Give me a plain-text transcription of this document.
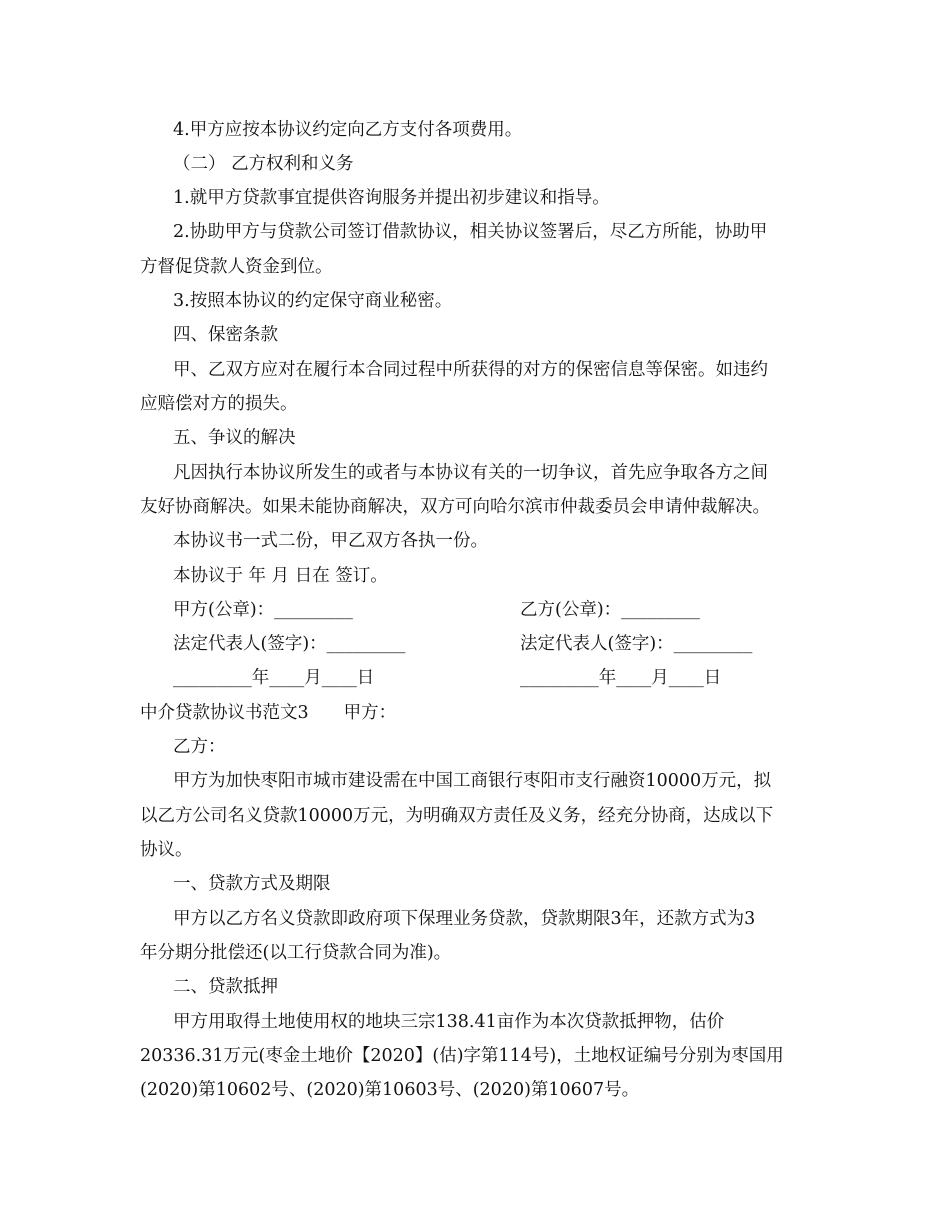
4.甲方应按本协议约定向乙方支付各项费用。
（二） 乙方权利和义务
1.就甲方贷款事宜提供咨询服务并提出初步建议和指导。
2.协助甲方与贷款公司签订借款协议，相关协议签署后，尽乙方所能，协助甲
方督促贷款人资金到位。
3.按照本协议的约定保守商业秘密。
四、保密条款
甲、乙双方应对在履行本合同过程中所获得的对方的保密信息等保密。如违约
应赔偿对方的损失。
五、争议的解决
凡因执行本协议所发生的或者与本协议有关的一切争议，首先应争取各方之间
友好协商解决。如果未能协商解决，双方可向哈尔滨市仲裁委员会申请仲裁解决。
本协议书一式二份，甲乙双方各执一份。
本协议于 年 月 日在 签订。
甲方(公章)：_________	乙方(公章)：_________
法定代表人(签字)：_________	法定代表人(签字)：_________
_________年____月____日	_________年____月____日
中介贷款协议书范文3　　甲方：
乙方：
甲方为加快枣阳市城市建设需在中国工商银行枣阳市支行融资10000万元，拟
以乙方公司名义贷款10000万元，为明确双方责任及义务，经充分协商，达成以下
协议。
一、贷款方式及期限
甲方以乙方名义贷款即政府项下保理业务贷款，贷款期限3年，还款方式为3
年分期分批偿还(以工行贷款合同为准)。
二、贷款抵押
甲方用取得土地使用权的地块三宗138.41亩作为本次贷款抵押物，估价
20336.31万元(枣金土地价【2020】(估)字第114号)，土地权证编号分别为枣国用
(2020)第10602号、(2020)第10603号、(2020)第10607号。
